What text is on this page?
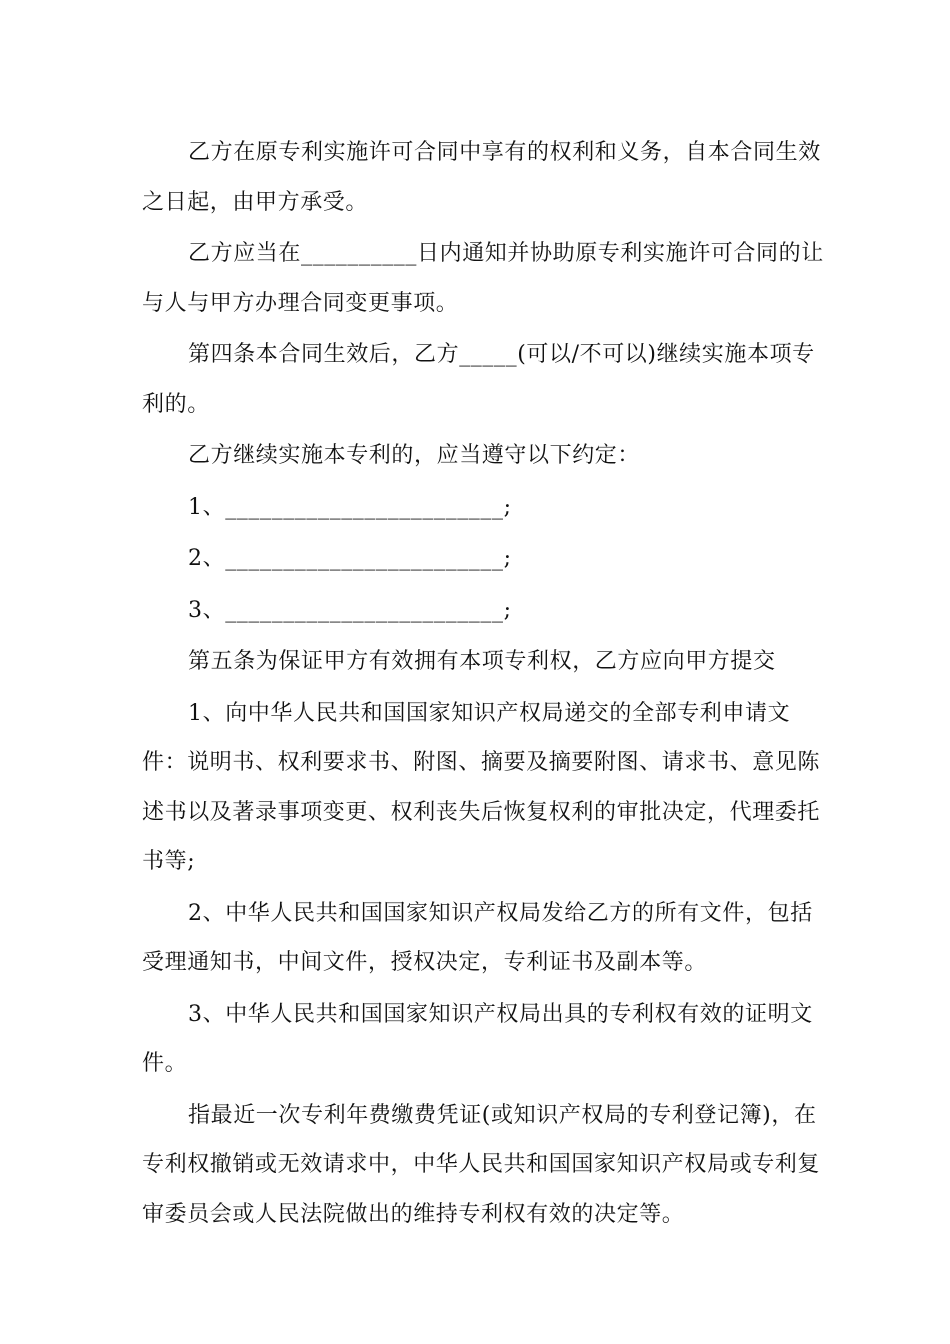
乙方在原专利实施许可合同中享有的权利和义务，自本合同生效之日起，由甲方承受。

乙方应当在__________日内通知并协助原专利实施许可合同的让与人与甲方办理合同变更事项。

第四条本合同生效后，乙方_____(可以/不可以)继续实施本项专利的。

乙方继续实施本专利的，应当遵守以下约定：

1、________________________;

2、________________________;

3、________________________;

第五条为保证甲方有效拥有本项专利权，乙方应向甲方提交

1、向中华人民共和国国家知识产权局递交的全部专利申请文件：说明书、权利要求书、附图、摘要及摘要附图、请求书、意见陈述书以及著录事项变更、权利丧失后恢复权利的审批决定，代理委托书等;

2、中华人民共和国国家知识产权局发给乙方的所有文件，包括受理通知书，中间文件，授权决定，专利证书及副本等。

3、中华人民共和国国家知识产权局出具的专利权有效的证明文件。

指最近一次专利年费缴费凭证(或知识产权局的专利登记簿)，在专利权撤销或无效请求中，中华人民共和国国家知识产权局或专利复审委员会或人民法院做出的维持专利权有效的决定等。
